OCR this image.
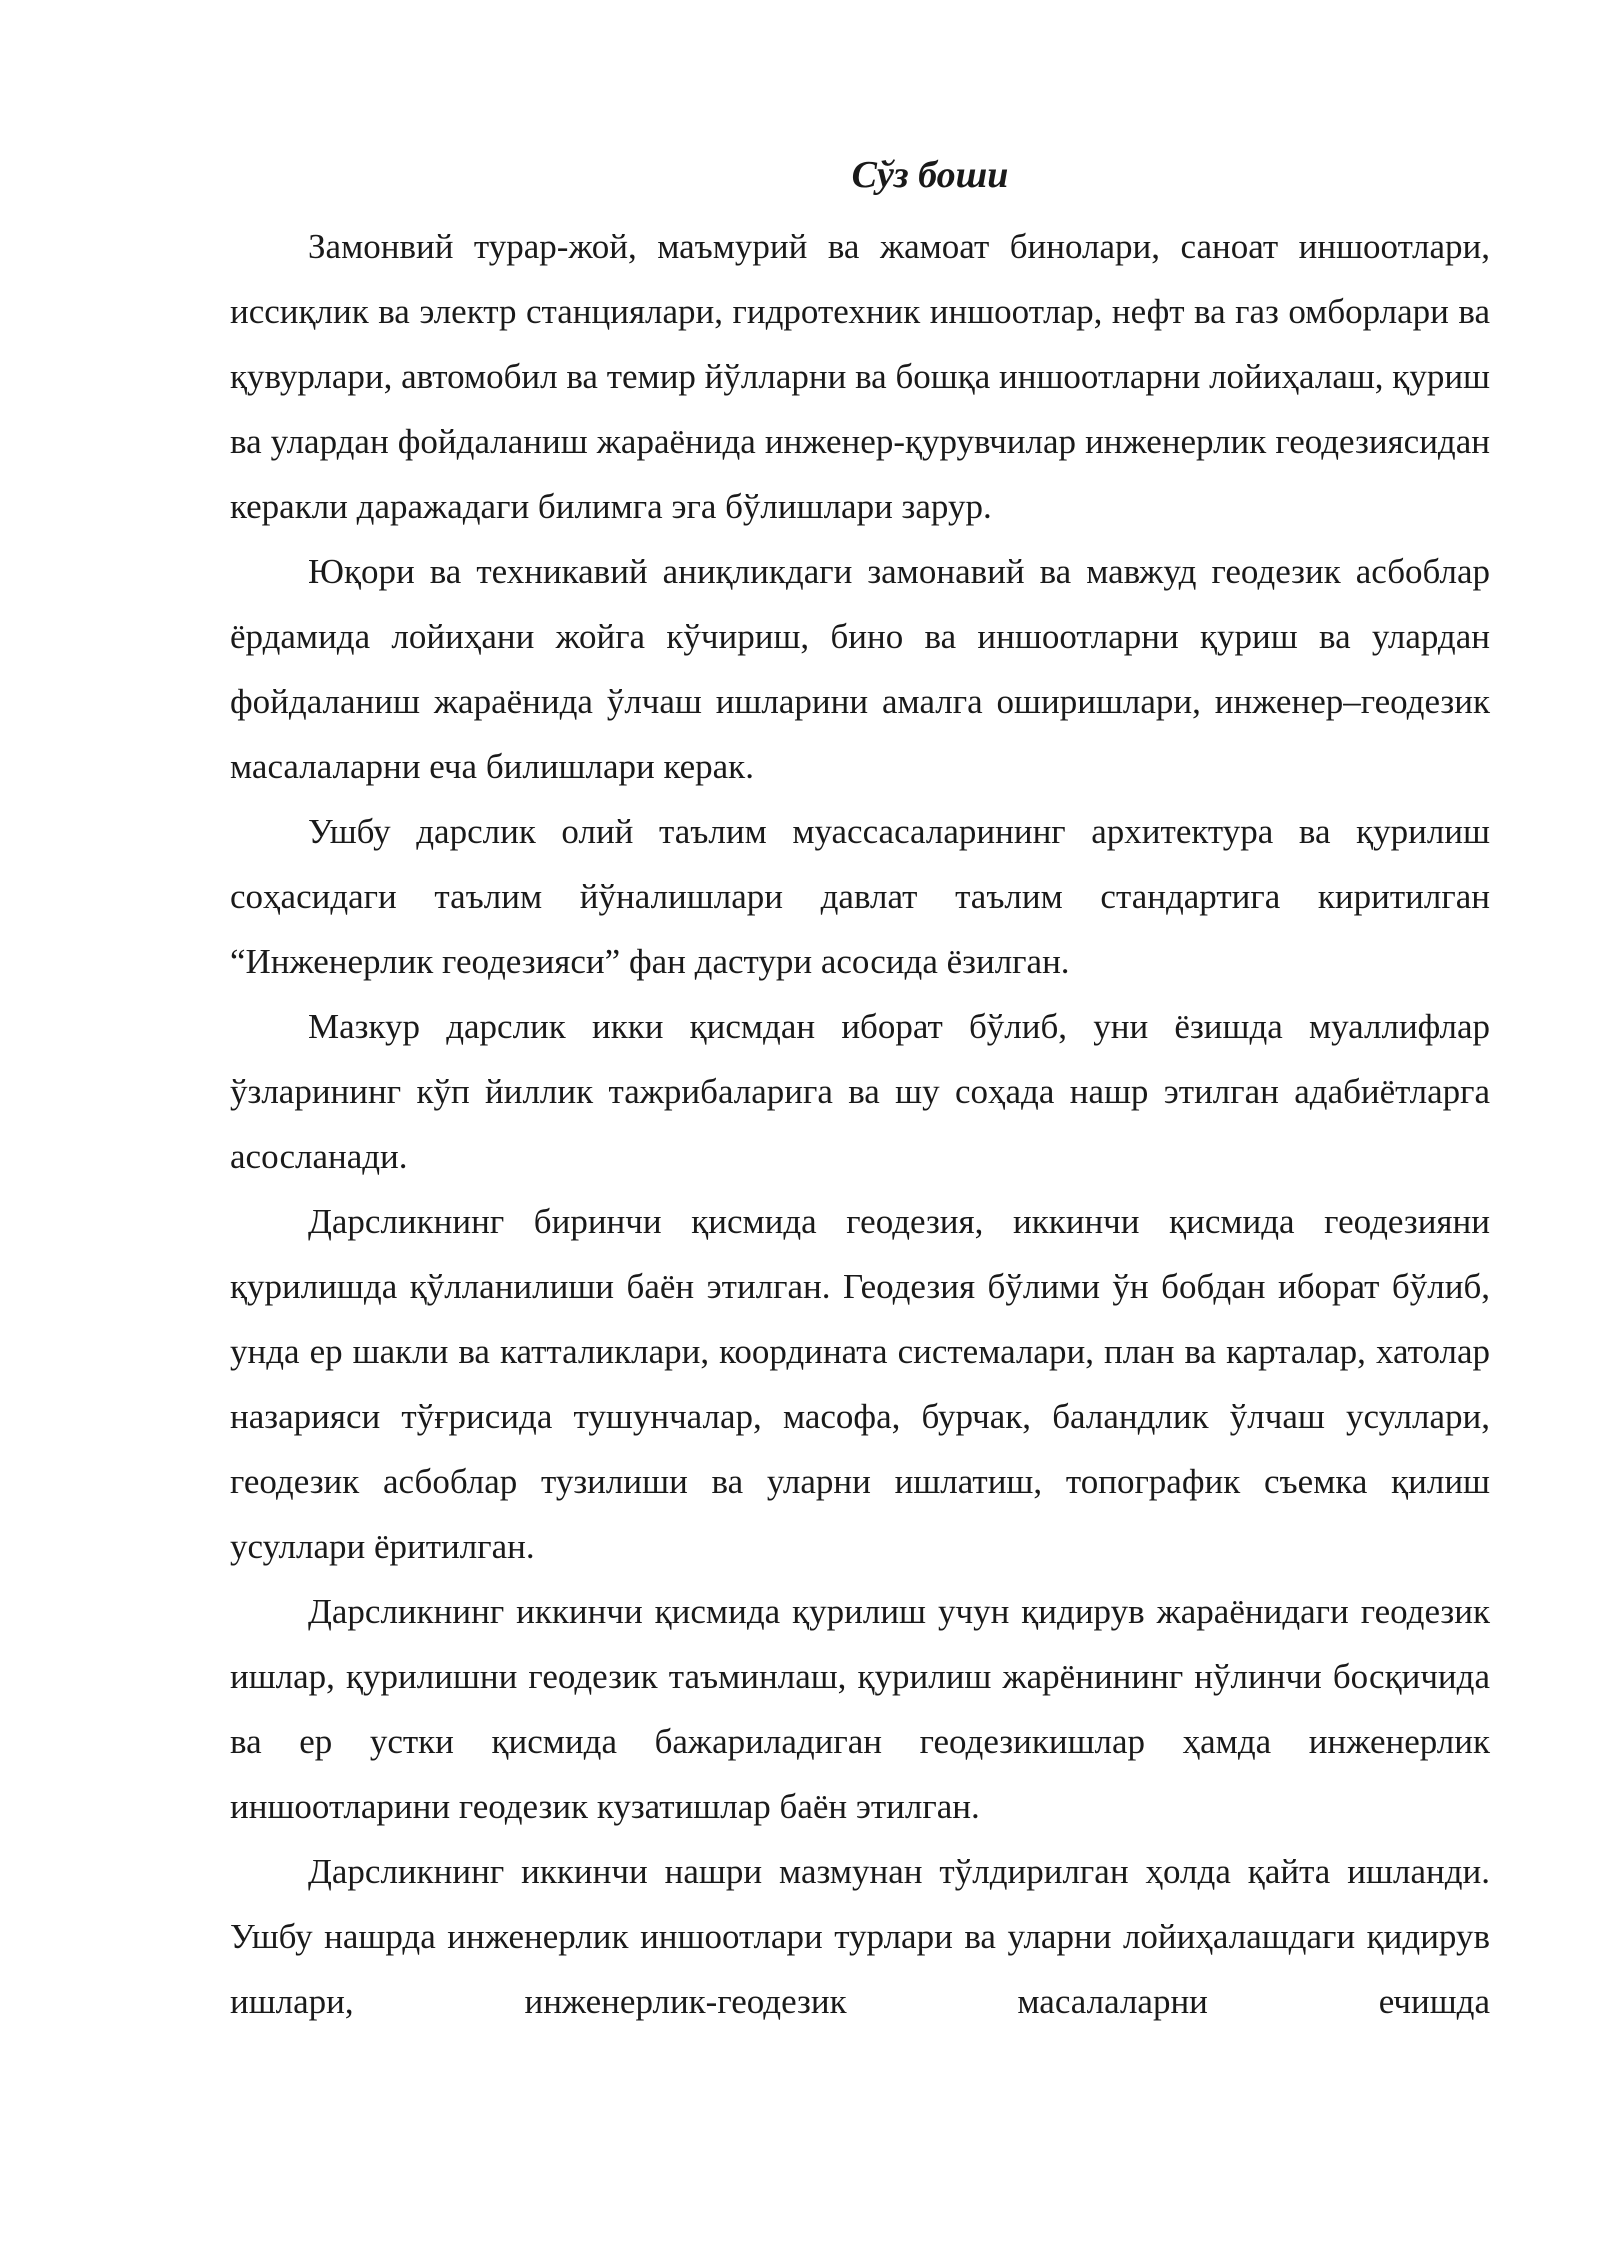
Сўз боши

Замонвий турар-жой, маъмурий ва жамоат бинолари, саноат иншоотлари, иссиқлик ва электр станциялари, гидротехник иншоотлар, нефт ва газ омборлари ва қувурлари, автомобил ва темир йўлларни ва бошқа иншоотларни лойиҳалаш, қуриш ва улардан фойдаланиш жараёнида инженер-қурувчилар инженерлик геодезиясидан керакли даражадаги билимга эга бўлишлари зарур.

Юқори ва техникавий аниқликдаги замонавий ва мавжуд геодезик асбоблар ёрдамида лойиҳани жойга кўчириш, бино ва иншоотларни қуриш ва улардан фойдаланиш жараёнида ўлчаш ишларини амалга оширишлари, инженер–геодезик масалаларни еча билишлари керак.

Ушбу дарслик олий таълим муассасаларининг архитектура ва қурилиш соҳасидаги таълим йўналишлари давлат таълим стандартига киритилган “Инженерлик геодезияси” фан дастури асосида ёзилган.

Мазкур дарслик икки қисмдан иборат бўлиб, уни ёзишда муаллифлар ўзларининг кўп йиллик тажрибаларига ва шу соҳада нашр этилган адабиётларга асосланади.

Дарсликнинг биринчи қисмида геодезия, иккинчи қисмида геодезияни қурилишда қўлланилиши баён этилган. Геодезия бўлими ўн бобдан иборат бўлиб, унда ер шакли ва катталиклари, координата системалари, план ва карталар, хатолар назарияси тўғрисида тушунчалар, масофа, бурчак, баландлик ўлчаш усуллари, геодезик асбоблар тузилиши ва уларни ишлатиш, топографик съемка қилиш усуллари ёритилган.

Дарсликнинг иккинчи қисмида қурилиш учун қидирув жараёнидаги геодезик ишлар, қурилишни геодезик таъминлаш, қурилиш жарёнининг нўлинчи босқичида ва ер устки қисмида бажариладиган геодезикишлар ҳамда инженерлик иншоотларини геодезик кузатишлар баён этилган.

Дарсликнинг иккинчи нашри мазмунан тўлдирилган ҳолда қайта ишланди. Ушбу нашрда инженерлик иншоотлари турлари ва уларни лойиҳалашдаги қидирув ишлари, инженерлик-геодезик масалаларни ечишда
